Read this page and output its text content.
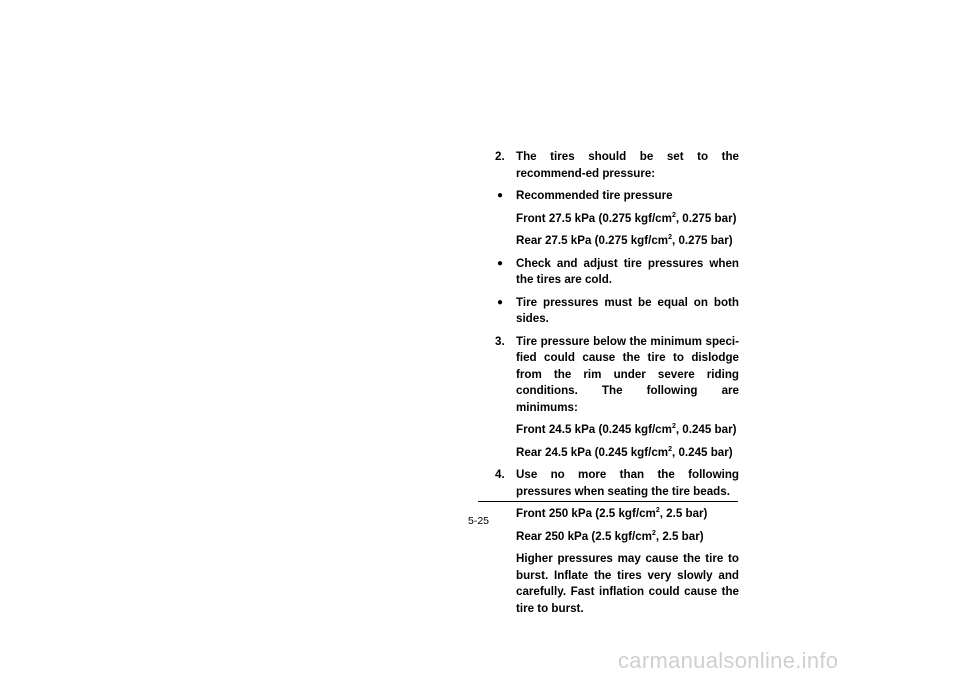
2. The tires should be set to the recommend-ed pressure:
●	Recommended tire pressure
Front 27.5 kPa (0.275 kgf/$cm^2$, 0.275 bar)
Rear 27.5 kPa (0.275 kgf/$cm^2$, 0.275 bar)
●	Check and adjust tire pressures when the tires are cold.
●	Tire pressures must be equal on both sides.
3. Tire pressure below the minimum speci-fied could cause the tire to dislodge from the rim under severe riding conditions. The following are minimums:
Front 24.5 kPa (0.245 kgf/$cm^2$, 0.245 bar)
Rear 24.5 kPa (0.245 kgf/$cm^2$, 0.245 bar)
4. Use no more than the following pressures when seating the tire beads.
Front 250 kPa (2.5 kgf/$cm^2$, 2.5 bar)
Rear 250 kPa (2.5 kgf/$cm^2$, 2.5 bar)
Higher pressures may cause the tire to burst. Inflate the tires very slowly and carefully. Fast inflation could cause the tire to burst.
5-25
carmanualsonline.info
